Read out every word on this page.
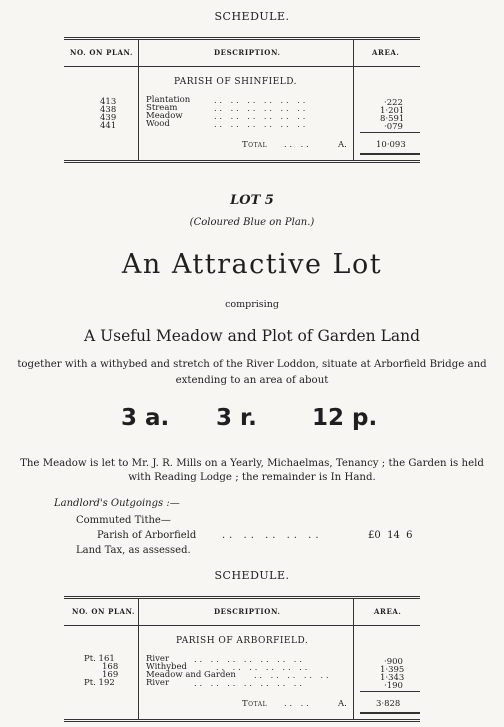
SCHEDULE.
NO. ON PLAN.	DESCRIPTION.	AREA.
PARISH OF SHINFIELD.
413	Plantation	·222
438	Stream	1·201
439	Meadow	8·591
441	Wood	·079
.. .. .. .. .. ..
.. .. .. .. .. ..
.. .. .. .. .. ..
.. .. .. .. .. ..
Total .. ..	A.	10·093
LOT 5
(Coloured Blue on Plan.)
An Attractive Lot
comprising
A Useful Meadow and Plot of Garden Land
together with a withybed and stretch of the River Loddon, situate at Arborfield Bridge and
extending to an area of about
3 a. 3 r. 12 p.
The Meadow is let to Mr. J. R. Mills on a Yearly, Michaelmas, Tenancy ; the Garden is held
with Reading Lodge ; the remainder is In Hand.
Landlord's Outgoings :—
Commuted Tithe—
Parish of Arborfield	.. .. .. .. ..	£0  14  6
Land Tax, as assessed.
SCHEDULE.
NO. ON PLAN.	DESCRIPTION.	AREA.
PARISH OF ARBORFIELD.
Pt. 161	River	·900
168	Withybed	1·395
169	Meadow and Garden	1·343
Pt. 192	River	·190
.. .. .. .. .. .. ..
.. .. .. .. .. ..
.. .. .. .. ..
.. .. .. .. .. .. ..
Total .. ..	A.	3·828
